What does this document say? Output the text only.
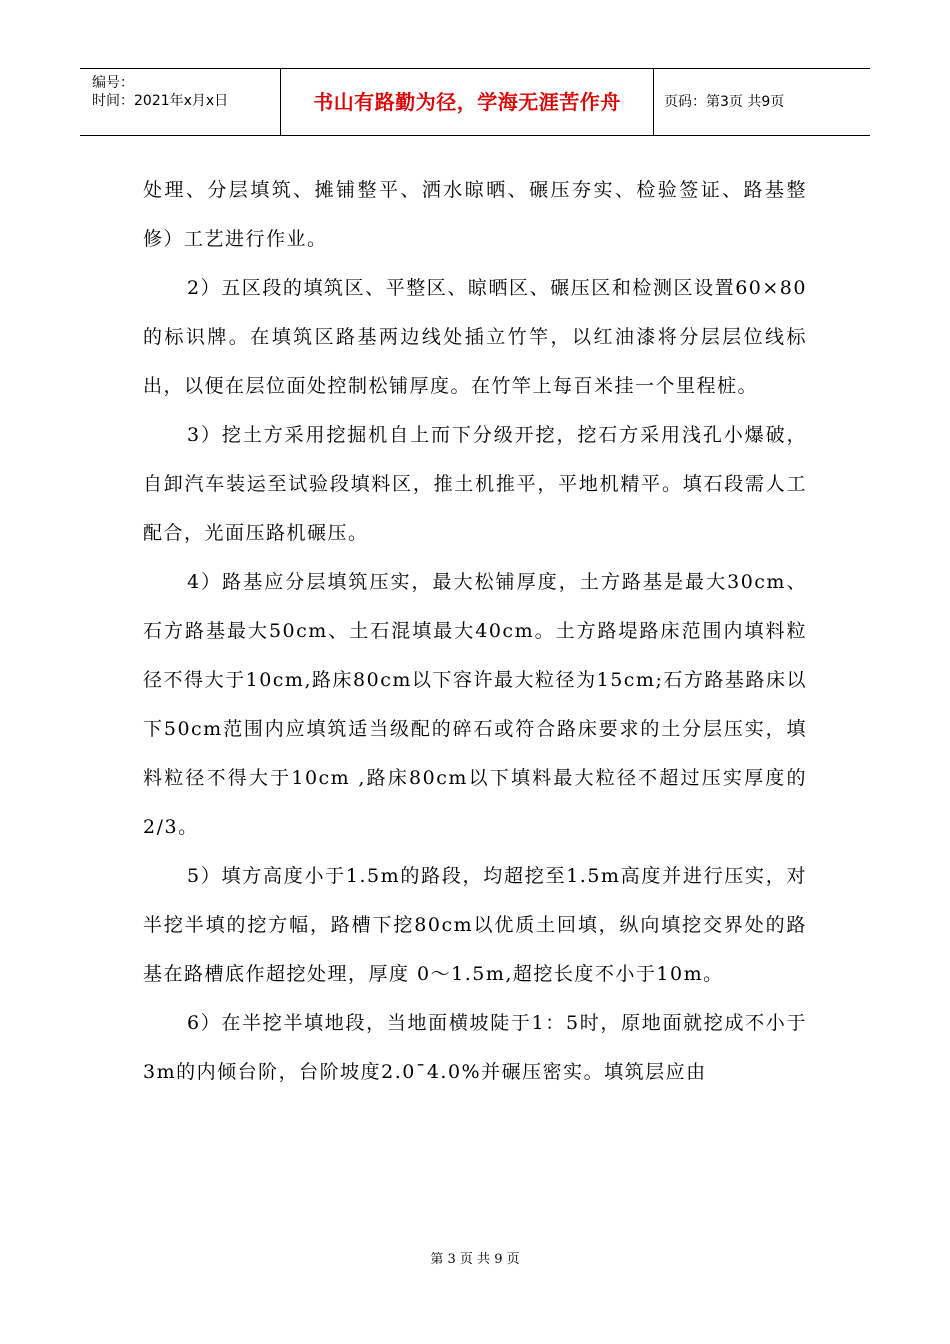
编号：
时间：2021年x月x日	书山有路勤为径，学海无涯苦作舟	页码：第3页 共9页

处理、分层填筑、摊铺整平、洒水晾晒、碾压夯实、检验签证、路基整修）工艺进行作业。

2）五区段的填筑区、平整区、晾晒区、碾压区和检测区设置60×80的标识牌。在填筑区路基两边线处插立竹竿，以红油漆将分层层位线标出，以便在层位面处控制松铺厚度。在竹竿上每百米挂一个里程桩。

3）挖土方采用挖掘机自上而下分级开挖，挖石方采用浅孔小爆破，自卸汽车装运至试验段填料区，推土机推平，平地机精平。填石段需人工配合，光面压路机碾压。

4）路基应分层填筑压实，最大松铺厚度，土方路基是最大30cm、石方路基最大50cm、土石混填最大40cm。土方路堤路床范围内填料粒径不得大于10cm,路床80cm以下容许最大粒径为15cm;石方路基路床以下50cm范围内应填筑适当级配的碎石或符合路床要求的土分层压实，填料粒径不得大于10cm ,路床80cm以下填料最大粒径不超过压实厚度的2/3。

5）填方高度小于1.5m的路段，均超挖至1.5m高度并进行压实，对半挖半填的挖方幅，路槽下挖80cm以优质土回填，纵向填挖交界处的路基在路槽底作超挖处理，厚度 0～1.5m,超挖长度不小于10m。

6）在半挖半填地段，当地面横坡陡于1：5时，原地面就挖成不小于3m的内倾台阶，台阶坡度2.0¯4.0%并碾压密实。填筑层应由

第 3 页 共 9 页
